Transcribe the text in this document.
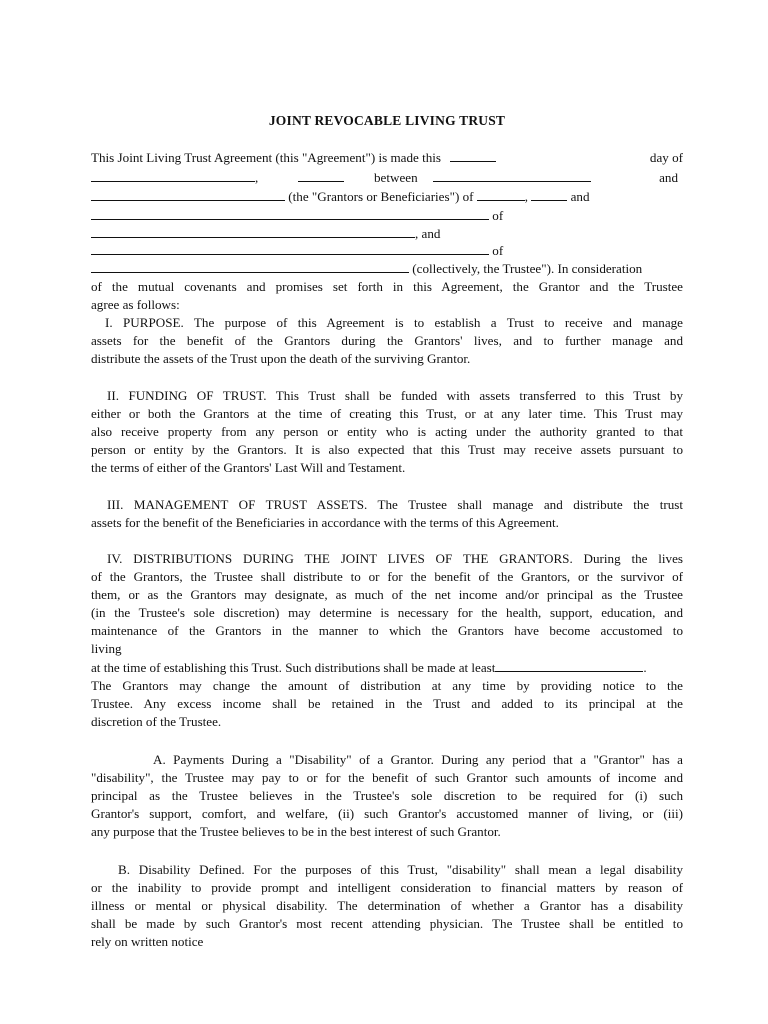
JOINT REVOCABLE LIVING TRUST
This Joint Living Trust Agreement (this "Agreement") is made this	day of
,	between	and
(the "Grantors or Beneficiaries") of	,	and
of
, and
of
(collectively, the Trustee"). In consideration
of the mutual covenants and promises set forth in this Agreement, the Grantor and the Trustee
agree as follows:
I. PURPOSE. The purpose of this Agreement is to establish a Trust to receive and manage
assets for the benefit of the Grantors during the Grantors' lives, and to further manage and
distribute the assets of the Trust upon the death of the surviving Grantor.
II. FUNDING OF TRUST. This Trust shall be funded with assets transferred to this Trust by
either or both the Grantors at the time of creating this Trust, or at any later time. This Trust may
also receive property from any person or entity who is acting under the authority granted to that
person or entity by the Grantors. It is also expected that this Trust may receive assets pursuant to
the terms of either of the Grantors' Last Will and Testament.
III. MANAGEMENT OF TRUST ASSETS. The Trustee shall manage and distribute the trust
assets for the benefit of the Beneficiaries in accordance with the terms of this Agreement.
IV. DISTRIBUTIONS DURING THE JOINT LIVES OF THE GRANTORS. During the lives
of the Grantors, the Trustee shall distribute to or for the benefit of the Grantors, or the survivor of
them, or as the Grantors may designate, as much of the net income and/or principal as the Trustee
(in the Trustee's sole discretion) may determine is necessary for the health, support, education, and
maintenance of the Grantors in the manner to which the Grantors have become accustomed to
living
at the time of establishing this Trust. Such distributions shall be made at least	.
The Grantors may change the amount of distribution at any time by providing notice to the
Trustee. Any excess income shall be retained in the Trust and added to its principal at the
discretion of the Trustee.
A. Payments During a "Disability" of a Grantor. During any period that a "Grantor" has a
"disability", the Trustee may pay to or for the benefit of such Grantor such amounts of income and
principal as the Trustee believes in the Trustee's sole discretion to be required for (i) such
Grantor's support, comfort, and welfare, (ii) such Grantor's accustomed manner of living, or (iii)
any purpose that the Trustee believes to be in the best interest of such Grantor.
B. Disability Defined. For the purposes of this Trust, "disability" shall mean a legal disability
or the inability to provide prompt and intelligent consideration to financial matters by reason of
illness or mental or physical disability. The determination of whether a Grantor has a disability
shall be made by such Grantor's most recent attending physician. The Trustee shall be entitled to
rely on written notice
